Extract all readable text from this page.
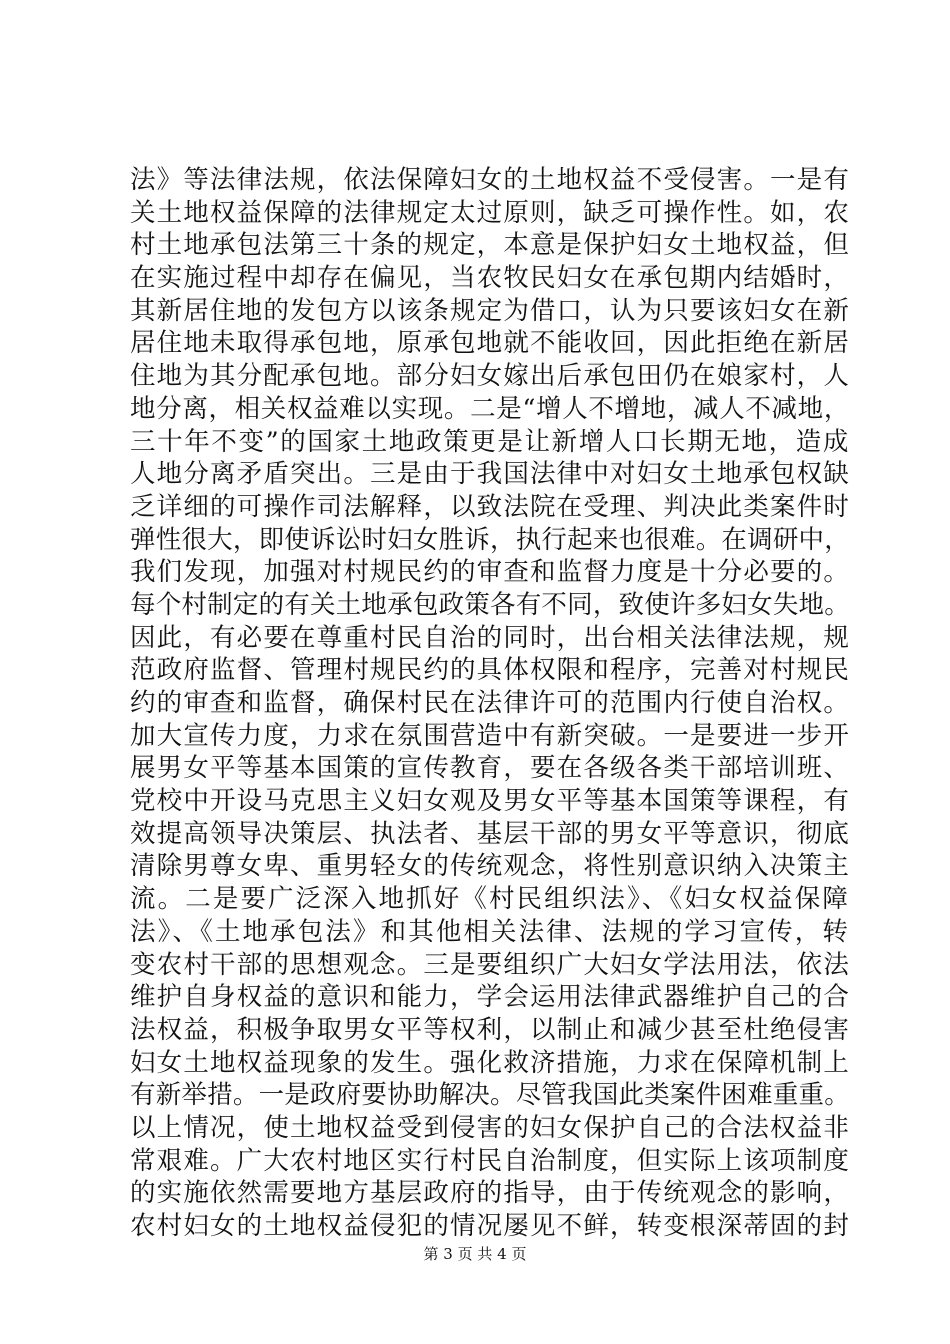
法》等法律法规，依法保障妇女的土地权益不受侵害。一是有
关土地权益保障的法律规定太过原则，缺乏可操作性。如，农
村土地承包法第三十条的规定，本意是保护妇女土地权益，但
在实施过程中却存在偏见，当农牧民妇女在承包期内结婚时，
其新居住地的发包方以该条规定为借口，认为只要该妇女在新
居住地未取得承包地，原承包地就不能收回，因此拒绝在新居
住地为其分配承包地。部分妇女嫁出后承包田仍在娘家村，人
地分离，相关权益难以实现。二是“增人不增地，减人不减地，
三十年不变”的国家土地政策更是让新增人口长期无地，造成
人地分离矛盾突出。三是由于我国法律中对妇女土地承包权缺
乏详细的可操作司法解释，以致法院在受理、判决此类案件时
弹性很大，即使诉讼时妇女胜诉，执行起来也很难。在调研中，
我们发现，加强对村规民约的审查和监督力度是十分必要的。
每个村制定的有关土地承包政策各有不同，致使许多妇女失地。
因此，有必要在尊重村民自治的同时，出台相关法律法规，规
范政府监督、管理村规民约的具体权限和程序，完善对村规民
约的审查和监督，确保村民在法律许可的范围内行使自治权。
加大宣传力度，力求在氛围营造中有新突破。一是要进一步开
展男女平等基本国策的宣传教育，要在各级各类干部培训班、
党校中开设马克思主义妇女观及男女平等基本国策等课程，有
效提高领导决策层、执法者、基层干部的男女平等意识，彻底
清除男尊女卑、重男轻女的传统观念，将性别意识纳入决策主
流。二是要广泛深入地抓好《村民组织法》、《妇女权益保障
法》、《土地承包法》和其他相关法律、法规的学习宣传，转
变农村干部的思想观念。三是要组织广大妇女学法用法，依法
维护自身权益的意识和能力，学会运用法律武器维护自己的合
法权益，积极争取男女平等权利，以制止和减少甚至杜绝侵害
妇女土地权益现象的发生。强化救济措施，力求在保障机制上
有新举措。一是政府要协助解决。尽管我国此类案件困难重重。
以上情况，使土地权益受到侵害的妇女保护自己的合法权益非
常艰难。广大农村地区实行村民自治制度，但实际上该项制度
的实施依然需要地方基层政府的指导，由于传统观念的影响，
农村妇女的土地权益侵犯的情况屡见不鲜，转变根深蒂固的封
第 3 页 共 4 页
